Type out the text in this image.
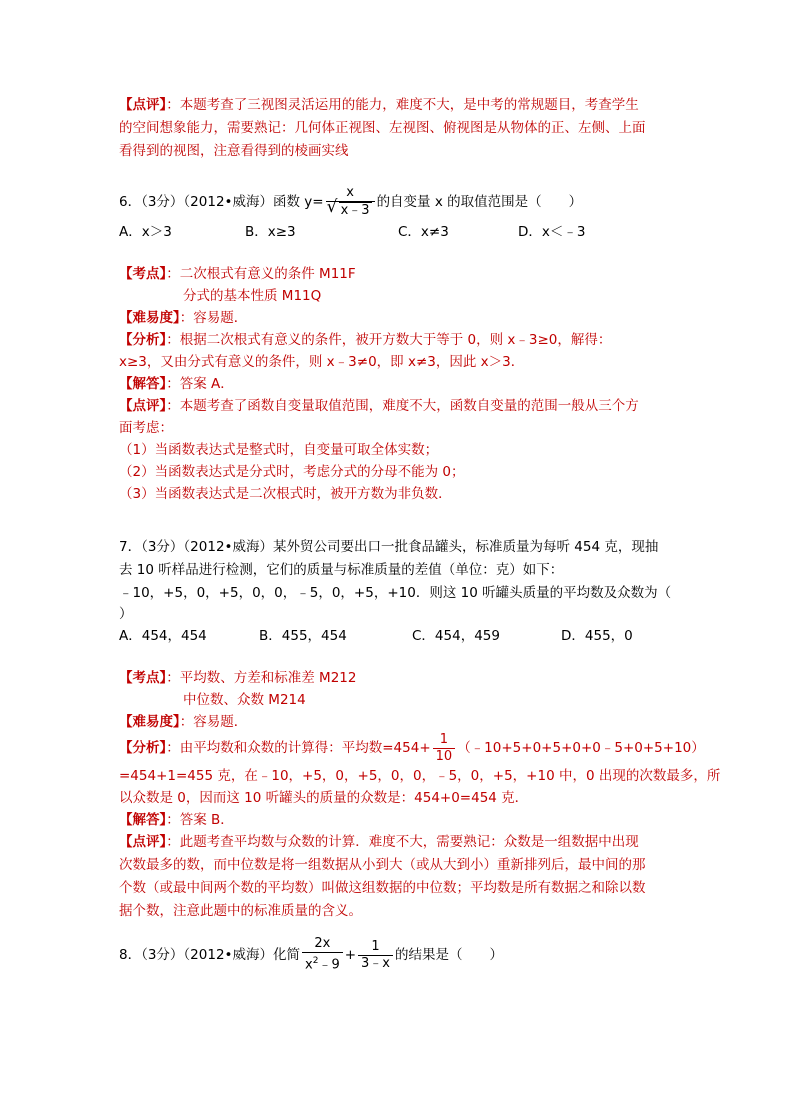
【点评】：本题考查了三视图灵活运用的能力，难度不大，是中考的常规题目，考查学生
的空间想象能力，需要熟记：几何体正视图、左视图、俯视图是从物体的正、左侧、上面
看得到的视图，注意看得到的棱画实线
6．（3分）（2012•威海）函数 y= x
√ x﹣3 的自变量 x 的取值范围是（　　）
A．x＞3	B．x≥3	C．x≠3	D．x＜﹣3
【考点】：二次根式有意义的条件 M11F
分式的基本性质 M11Q
【难易度】：容易题．
【分析】：根据二次根式有意义的条件，被开方数大于等于 0，则 x﹣3≥0，解得：
x≥3，又由分式有意义的条件，则 x﹣3≠0，即 x≠3，因此 x＞3．
【解答】：答案 A．
【点评】：本题考查了函数自变量取值范围，难度不大，函数自变量的范围一般从三个方
面考虑：
（1）当函数表达式是整式时，自变量可取全体实数；
（2）当函数表达式是分式时，考虑分式的分母不能为 0；
（3）当函数表达式是二次根式时，被开方数为非负数．
7．（3分）（2012•威海）某外贸公司要出口一批食品罐头，标准质量为每听 454 克，现抽
去 10 听样品进行检测，它们的质量与标准质量的差值（单位：克）如下：
﹣10，+5，0，+5，0，0，﹣5，0，+5，+10．则这 10 听罐头质量的平均数及众数为（
）
A．454，454	B．455，454	C．454，459	D．455，0
【考点】：平均数、方差和标准差 M212
中位数、众数 M214
【难易度】：容易题．
【分析】：由平均数和众数的计算得：平均数$=454+ \frac{1}{10}$ （﹣10+5+0+5+0+0﹣5+0+5+10）
=454+1=455 克，在﹣10，+5，0，+5，0，0，﹣5，0，+5，+10 中，0 出现的次数最多，所
以众数是 0，因而这 10 听罐头的质量的众数是：454+0=454 克．
【解答】：答案 B．
【点评】：此题考查平均数与众数的计算．难度不大，需要熟记：众数是一组数据中出现
次数最多的数，而中位数是将一组数据从小到大（或从大到小）重新排列后，最中间的那
个数（或最中间两个数的平均数）叫做这组数据的中位数；平均数是所有数据之和除以数
据个数，注意此题中的标准质量的含义。
8．（3分）（2012•威海）化简 $\frac{2x}{x^2﹣9} + \frac{1}{3﹣x}$ 的结果是（　　）
